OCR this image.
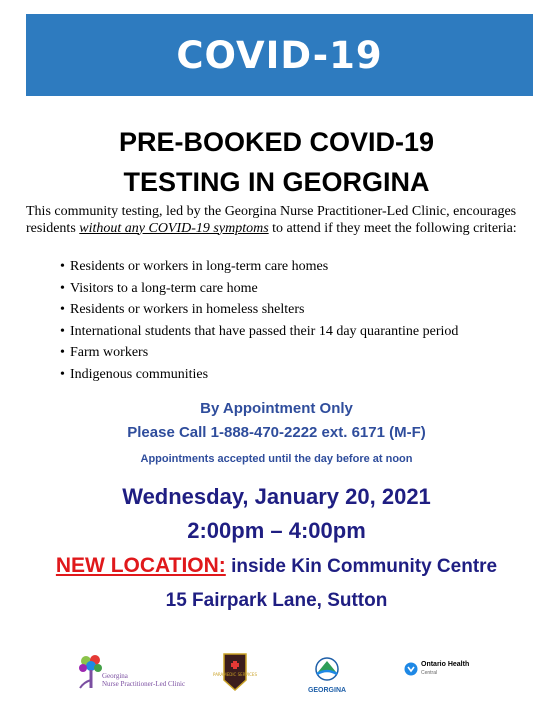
COVID-19
PRE-BOOKED COVID-19
TESTING IN GEORGINA
This community testing, led by the Georgina Nurse Practitioner-Led Clinic, encourages residents without any COVID-19 symptoms to attend if they meet the following criteria:
• Residents or workers in long-term care homes
• Visitors to a long-term care home
• Residents or workers in homeless shelters
• International students that have passed their 14 day quarantine period
• Farm workers
• Indigenous communities
By Appointment Only
Please Call 1-888-470-2222 ext. 6171 (M-F)
Appointments accepted until the day before at noon
Wednesday, January 20, 2021
2:00pm – 4:00pm
NEW LOCATION: inside Kin Community Centre
15 Fairpark Lane, Sutton
Georgina
Nurse Practitioner-Led Clinic
PARAMEDIC SERVICES
GEORGINA
Ontario Health
Central
